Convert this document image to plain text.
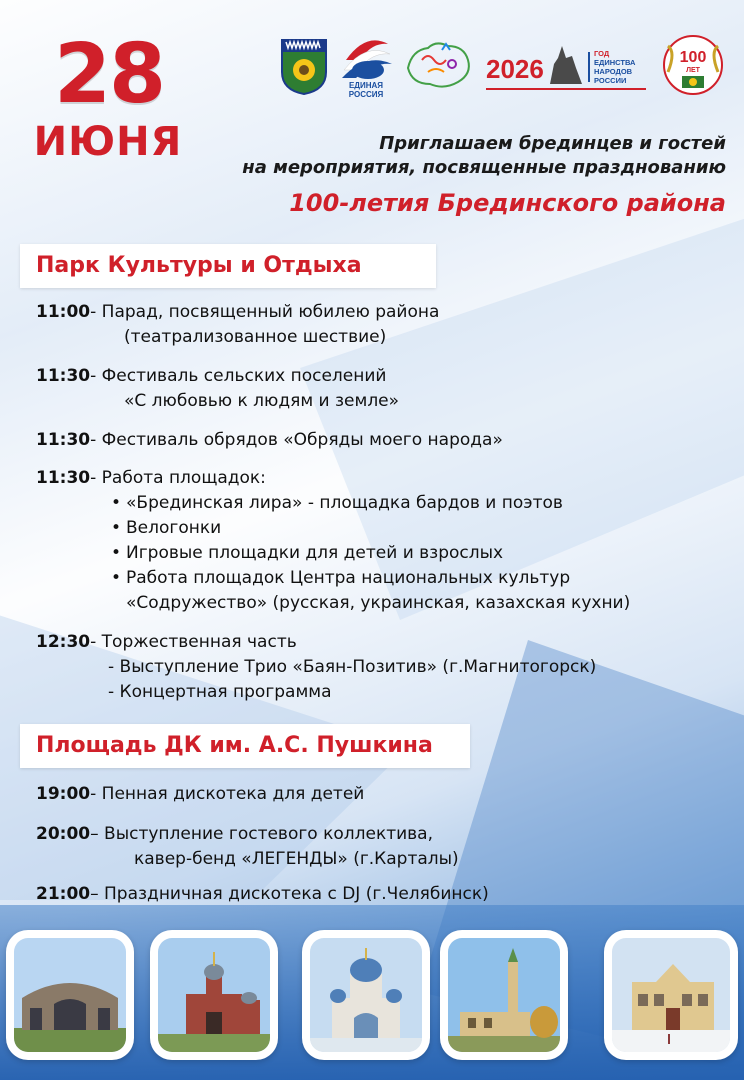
28
ИЮНЯ
ЕДИНАЯ
РОССИЯ
2026
ГОД
ЕДИНСТВА
НАРОДОВ
РОССИИ
100
ЛЕТ
Приглашаем брединцев и гостей
на мероприятия, посвященные празднованию
100-летия Брединского района
Парк Культуры и Отдыха
11:00- Парад, посвященный юбилею района
(театрализованное шествие)
11:30- Фестиваль сельских поселений
«С любовью к людям и земле»
11:30- Фестиваль обрядов «Обряды моего народа»
11:30- Работа площадок:
• «Брединская лира» - площадка бардов и поэтов
• Велогонки
• Игровые площадки для детей и взрослых
• Работа площадок Центра национальных культур
«Содружество» (русская, украинская, казахская кухни)
12:30- Торжественная часть
- Выступление Трио «Баян-Позитив» (г.Магнитогорск)
- Концертная программа
Площадь ДК им. А.С. Пушкина
19:00- Пенная дискотека для детей
20:00– Выступление гостевого коллектива,
кавер-бенд «ЛЕГЕНДЫ» (г.Карталы)
21:00– Праздничная дискотека с DJ (г.Челябинск)
